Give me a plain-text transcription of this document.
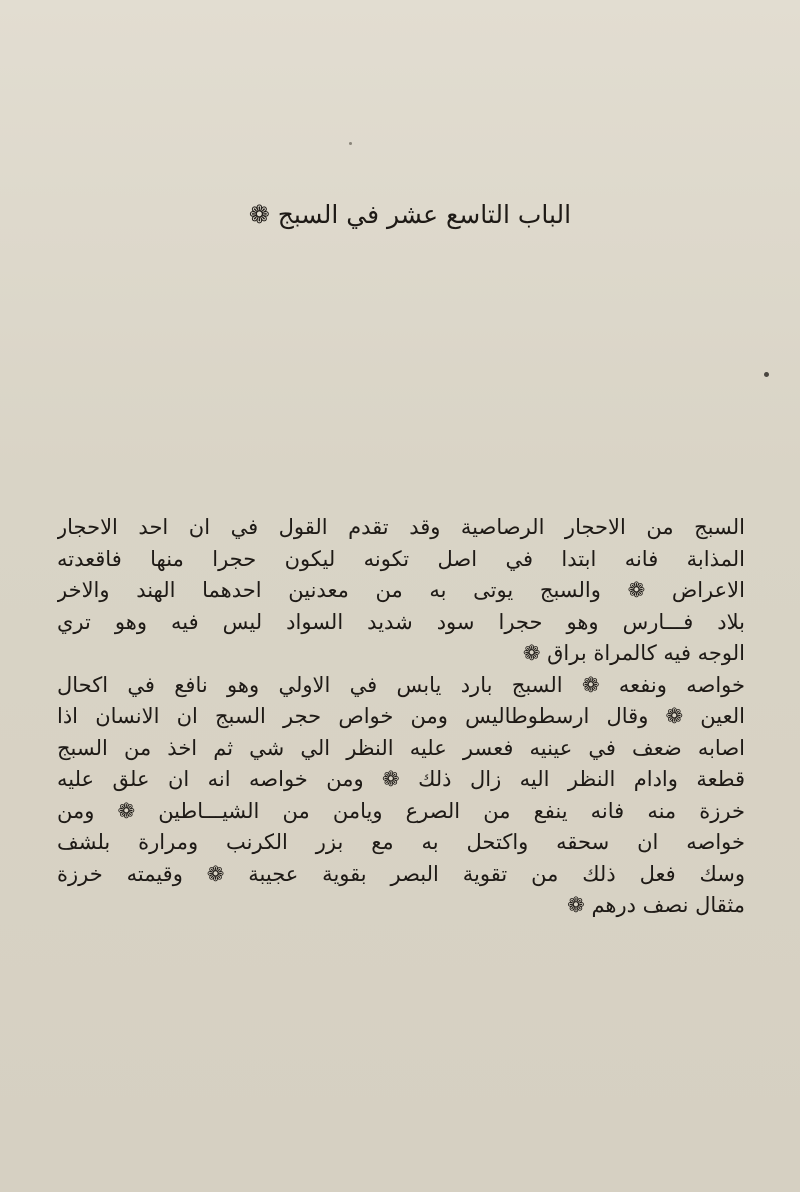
الباب التاسع عشر في السبج ❁
السبج من الاحجار الرصاصية وقد تقدم القول في ان احد الاحجار
المذابة فانه ابتدا في اصل تكونه ليكون حجرا منها فاقعدته
الاعراض ❁ والسبج يوتى به من معدنين احدهما الهند والاخر
بلاد فـــارس وهو حجرا سود شديد السواد ليس فيه وهو تري
الوجه فيه كالمراة براق ❁
خواصه ونفعه ❁ السبج بارد يابس في الاولي وهو نافع في اكحال
العين ❁ وقال ارسطوطاليس ومن خواص حجر السبج ان الانسان اذا
اصابه ضعف في عينيه فعسر عليه النظر الي شي ثم اخذ من السبج
قطعة وادام النظر اليه زال ذلك ❁ ومن خواصه انه ان علق عليه
خرزة منه فانه ينفع من الصرع ويامن من الشيـــاطين ❁ ومن
خواصه ان سحقه واكتحل به مع بزر الكرنب ومرارة بلشف
وسك فعل ذلك من تقوية البصر بقوية عجيبة ❁ وقيمته خرزة
مثقال نصف درهم ❁
